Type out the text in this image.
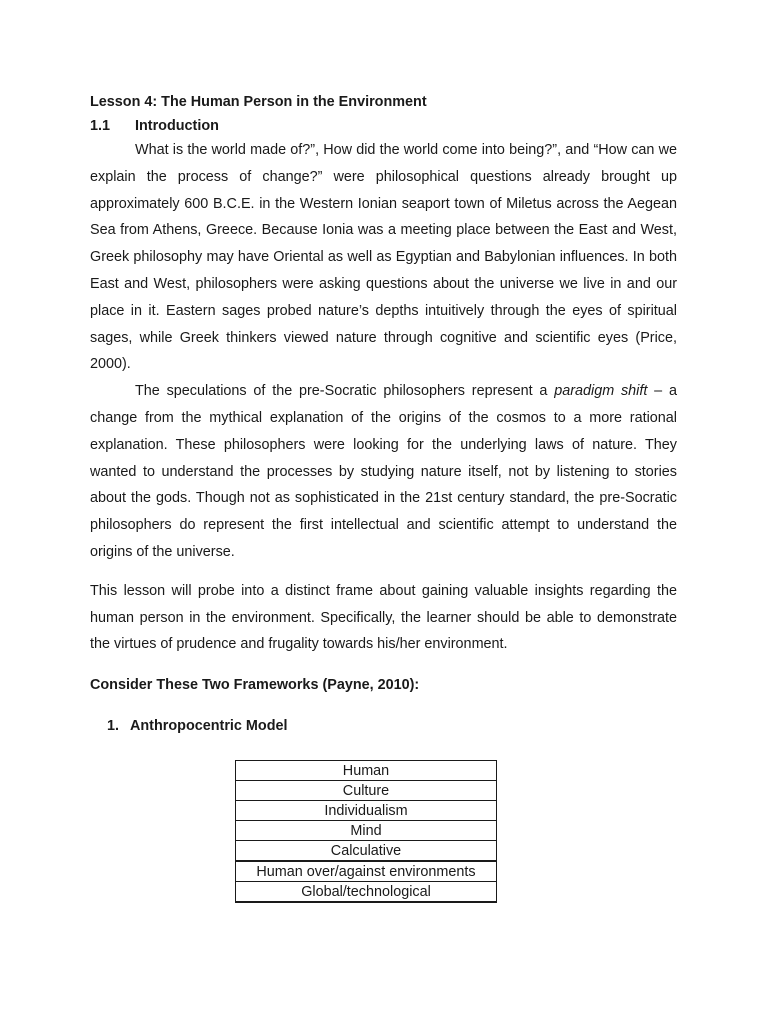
Lesson 4: The Human Person in the Environment

1.1	Introduction

What is the world made of?”, How did the world come into being?”, and “How can we explain the process of change?” were philosophical questions already brought up approximately 600 B.C.E. in the Western Ionian seaport town of Miletus across the Aegean Sea from Athens, Greece. Because Ionia was a meeting place between the East and West, Greek philosophy may have Oriental as well as Egyptian and Babylonian influences. In both East and West, philosophers were asking questions about the universe we live in and our place in it. Eastern sages probed nature’s depths intuitively through the eyes of spiritual sages, while Greek thinkers viewed nature through cognitive and scientific eyes (Price, 2000).

The speculations of the pre-Socratic philosophers represent a paradigm shift – a change from the mythical explanation of the origins of the cosmos to a more rational explanation. These philosophers were looking for the underlying laws of nature. They wanted to understand the processes by studying nature itself, not by listening to stories about the gods. Though not as sophisticated in the 21st century standard, the pre-Socratic philosophers do represent the first intellectual and scientific attempt to understand the origins of the universe.

This lesson will probe into a distinct frame about gaining valuable insights regarding the human person in the environment. Specifically, the learner should be able to demonstrate the virtues of prudence and frugality towards his/her environment.

Consider These Two Frameworks (Payne, 2010):

1. Anthropocentric Model
Human
Culture
Individualism
Mind
Calculative
Human over/against environments
Global/technological
